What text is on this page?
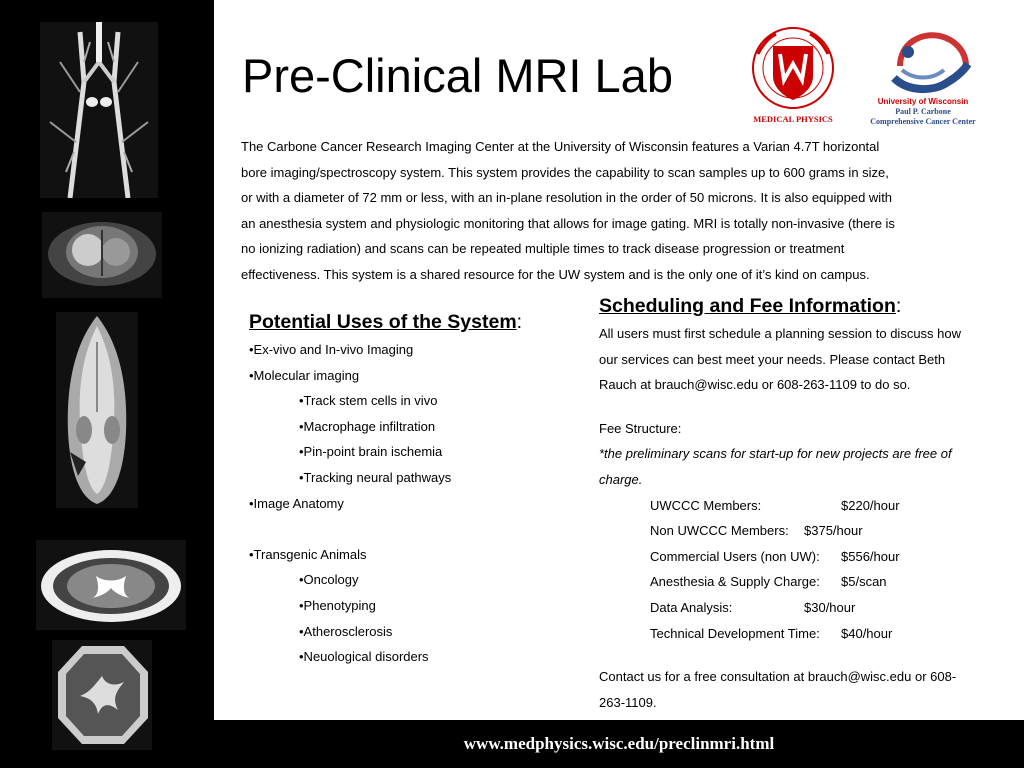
Pre-Clinical MRI Lab
MEDICAL PHYSICS
University of Wisconsin
Paul P. Carbone
Comprehensive Cancer Center
The Carbone Cancer Research Imaging Center at the University of Wisconsin features a Varian 4.7T horizontal
bore imaging/spectroscopy system. This system provides the capability to scan samples up to 600 grams in size,
or with a diameter of 72 mm or less, with an in-plane resolution in the order of 50 microns. It is also equipped with
an anesthesia system and physiologic monitoring that allows for image gating. MRI is totally non-invasive (there is
no ionizing radiation) and scans can be repeated multiple times to track disease progression or treatment
effectiveness. This system is a shared resource for the UW system and is the only one of it’s kind on campus.
Potential Uses of the System:
•Ex-vivo and In-vivo Imaging
•Molecular imaging
•Track stem cells in vivo
•Macrophage infiltration
•Pin-point brain ischemia
•Tracking neural pathways
•Image Anatomy
•Transgenic Animals
•Oncology
•Phenotyping
•Atherosclerosis
•Neuological disorders
Scheduling and Fee Information:
All users must first schedule a planning session to discuss how
our services can best meet your needs. Please contact Beth
Rauch at brauch@wisc.edu or 608-263-1109 to do so.
Fee Structure:
*the preliminary scans for start-up for new projects are free of
charge.
UWCCC Members:	$220/hour
Non UWCCC Members:	$375/hour
Commercial Users (non UW):	$556/hour
Anesthesia & Supply Charge:	$5/scan
Data Analysis:	$30/hour
Technical Development Time:	$40/hour
Contact us for a free consultation at brauch@wisc.edu or 608-
263-1109.
www.medphysics.wisc.edu/preclinmri.html
